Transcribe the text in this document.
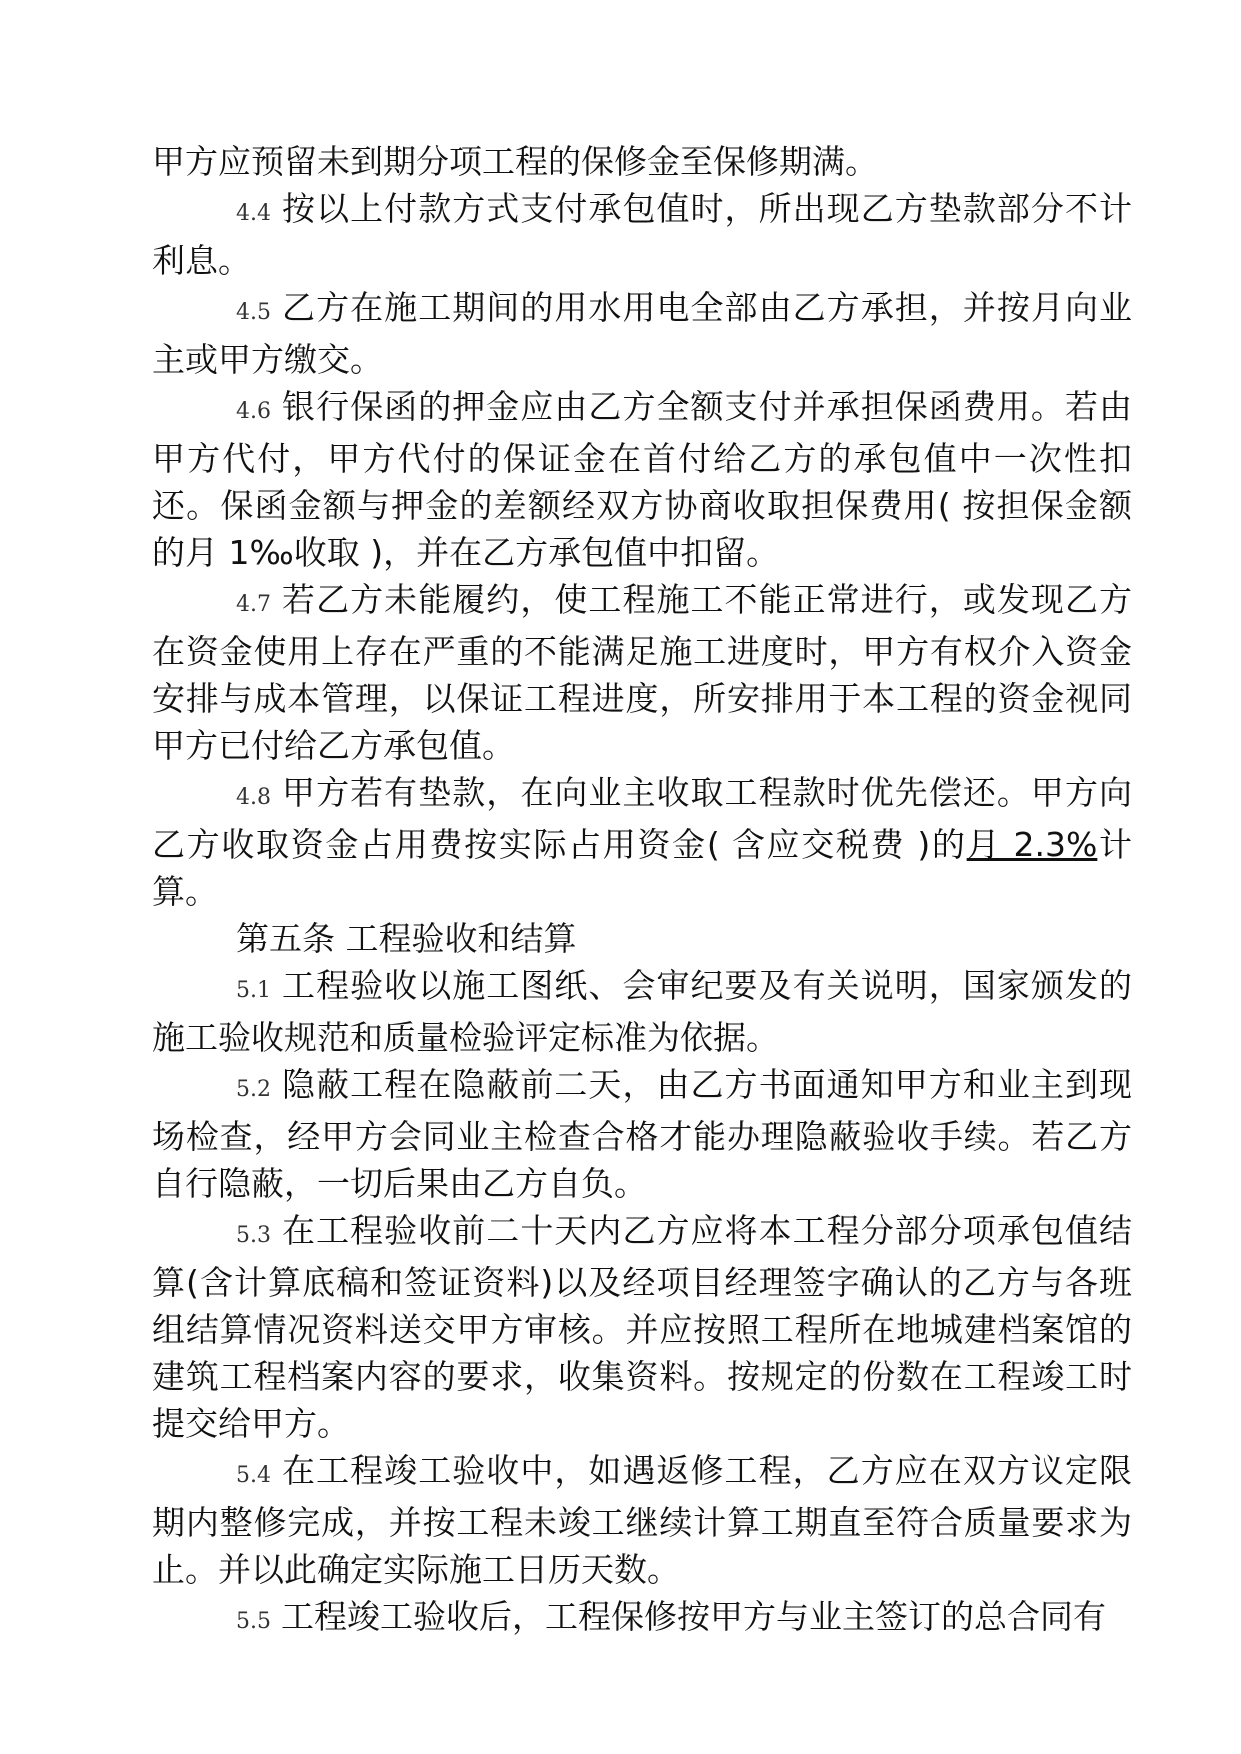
甲方应预留未到期分项工程的保修金至保修期满。

4.4 按以上付款方式支付承包值时，所出现乙方垫款部分不计利息。

4.5 乙方在施工期间的用水用电全部由乙方承担，并按月向业主或甲方缴交。

4.6 银行保函的押金应由乙方全额支付并承担保函费用。若由甲方代付，甲方代付的保证金在首付给乙方的承包值中一次性扣还。保函金额与押金的差额经双方协商收取担保费用( 按担保金额的月 1‰收取 )，并在乙方承包值中扣留。

4.7 若乙方未能履约，使工程施工不能正常进行，或发现乙方在资金使用上存在严重的不能满足施工进度时，甲方有权介入资金安排与成本管理，以保证工程进度，所安排用于本工程的资金视同甲方已付给乙方承包值。

4.8 甲方若有垫款，在向业主收取工程款时优先偿还。甲方向乙方收取资金占用费按实际占用资金( 含应交税费 )的月 2.3%计算。

第五条 工程验收和结算

5.1 工程验收以施工图纸、会审纪要及有关说明，国家颁发的施工验收规范和质量检验评定标准为依据。

5.2 隐蔽工程在隐蔽前二天，由乙方书面通知甲方和业主到现场检查，经甲方会同业主检查合格才能办理隐蔽验收手续。若乙方自行隐蔽，一切后果由乙方自负。

5.3 在工程验收前二十天内乙方应将本工程分部分项承包值结算(含计算底稿和签证资料)以及经项目经理签字确认的乙方与各班组结算情况资料送交甲方审核。并应按照工程所在地城建档案馆的建筑工程档案内容的要求，收集资料。按规定的份数在工程竣工时提交给甲方。

5.4 在工程竣工验收中，如遇返修工程，乙方应在双方议定限期内整修完成，并按工程未竣工继续计算工期直至符合质量要求为止。并以此确定实际施工日历天数。

5.5 工程竣工验收后，工程保修按甲方与业主签订的总合同有
